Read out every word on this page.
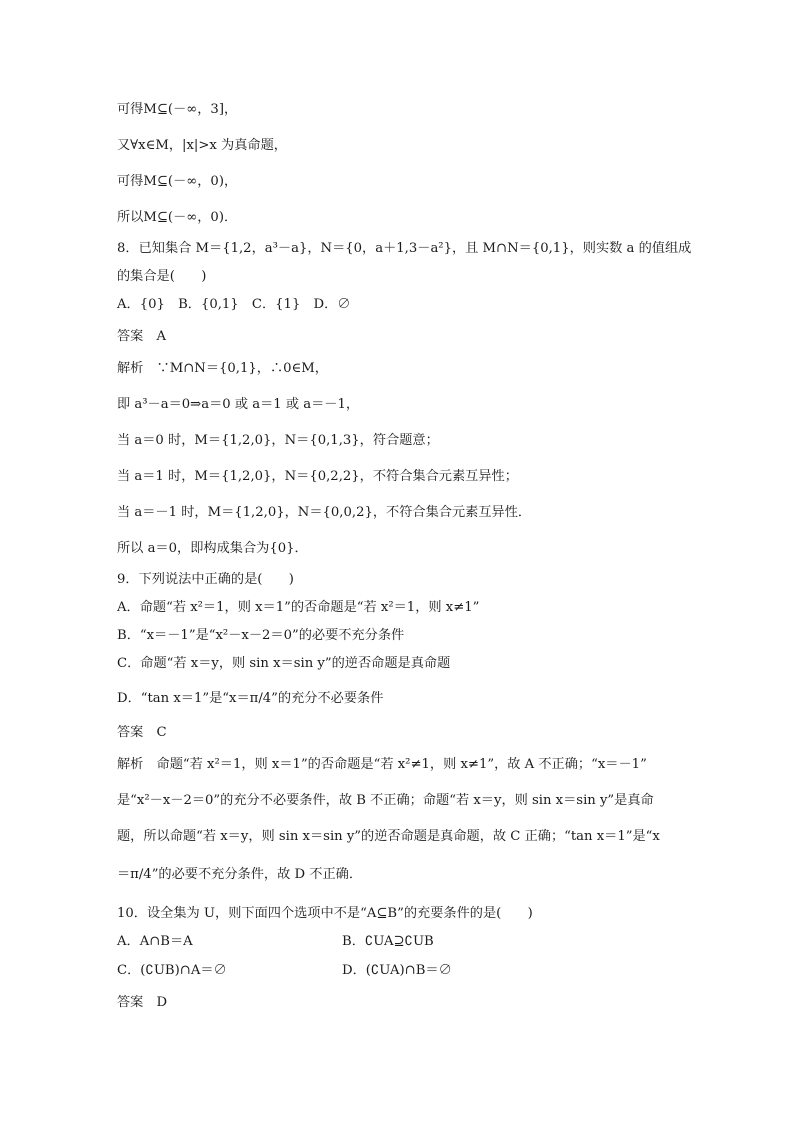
可得M⊆(－∞，3]，
又∀x∈M，|x|>x 为真命题，
可得M⊆(－∞，0)，
所以M⊆(－∞，0)．
8．已知集合 M＝{1,2，a³－a}，N＝{0，a＋1,3－a²}，且 M∩N＝{0,1}，则实数 a 的值组成
的集合是(　　)
A．{0}　B．{0,1}　C．{1}　D．∅
答案　A
解析　∵M∩N＝{0,1}，∴0∈M，
即 a³－a＝0⇒a＝0 或 a＝1 或 a＝－1，
当 a＝0 时，M＝{1,2,0}，N＝{0,1,3}，符合题意；
当 a＝1 时，M＝{1,2,0}，N＝{0,2,2}，不符合集合元素互异性；
当 a＝－1 时，M＝{1,2,0}，N＝{0,0,2}，不符合集合元素互异性．
所以 a＝0，即构成集合为{0}．
9．下列说法中正确的是(　　)
A．命题“若 x²＝1，则 x＝1”的否命题是“若 x²＝1，则 x≠1”
B．“x＝－1”是“x²－x－2＝0”的必要不充分条件
C．命题“若 x＝y，则 sin x＝sin y”的逆否命题是真命题
D．“tan x＝1”是“x＝π/4”的充分不必要条件
答案　C
解析　命题“若 x²＝1，则 x＝1”的否命题是“若 x²≠1，则 x≠1”，故 A 不正确；“x＝－1”
是“x²－x－2＝0”的充分不必要条件，故 B 不正确；命题“若 x＝y，则 sin x＝sin y”是真命
题，所以命题“若 x＝y，则 sin x＝sin y”的逆否命题是真命题，故 C 正确；“tan x＝1”是“x
＝π/4”的必要不充分条件，故 D 不正确．
10．设全集为 U，则下面四个选项中不是“A⊆B”的充要条件的是(　　)
A．A∩B＝A	B．∁UA⊇∁UB
C．(∁UB)∩A＝∅	D．(∁UA)∩B＝∅
答案　D
